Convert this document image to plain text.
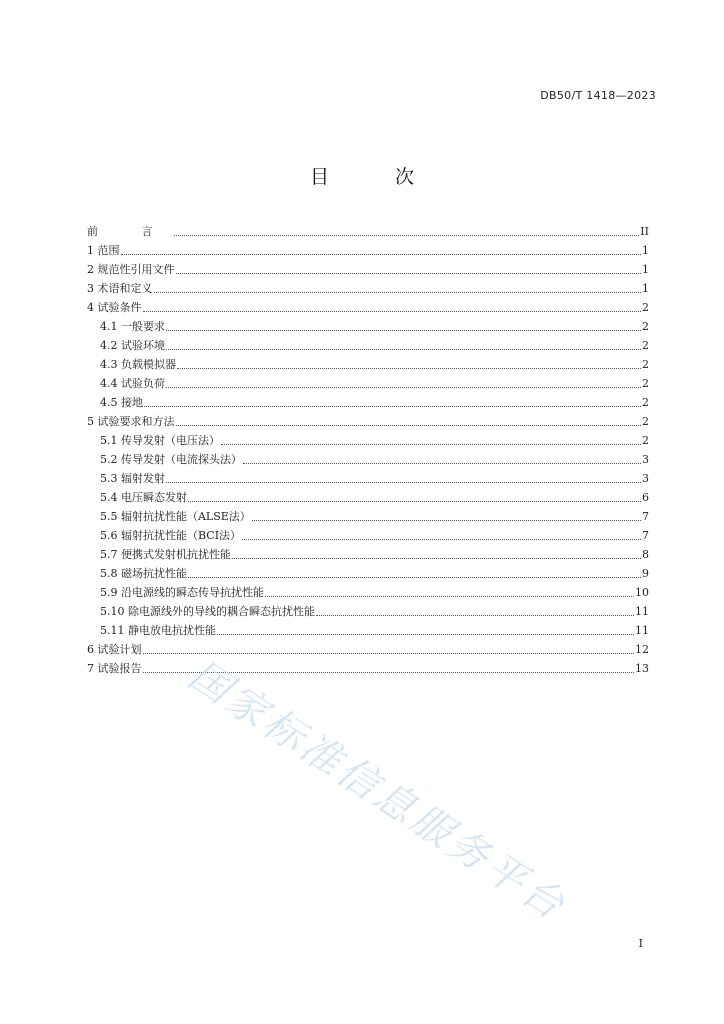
DB50/T 1418—2023
目 次
前 言	II
1 范围	1
2 规范性引用文件	1
3 术语和定义	1
4 试验条件	2
4.1 一般要求	2
4.2 试验环境	2
4.3 负载模拟器	2
4.4 试验负荷	2
4.5 接地	2
5 试验要求和方法	2
5.1 传导发射（电压法）	2
5.2 传导发射（电流探头法）	3
5.3 辐射发射	3
5.4 电压瞬态发射	6
5.5 辐射抗扰性能（ALSE法）	7
5.6 辐射抗扰性能（BCI法）	7
5.7 便携式发射机抗扰性能	8
5.8 磁场抗扰性能	9
5.9 沿电源线的瞬态传导抗扰性能	10
5.10 除电源线外的导线的耦合瞬态抗扰性能	11
5.11 静电放电抗扰性能	11
6 试验计划	12
7 试验报告	13
国家标准信息服务平台
I
